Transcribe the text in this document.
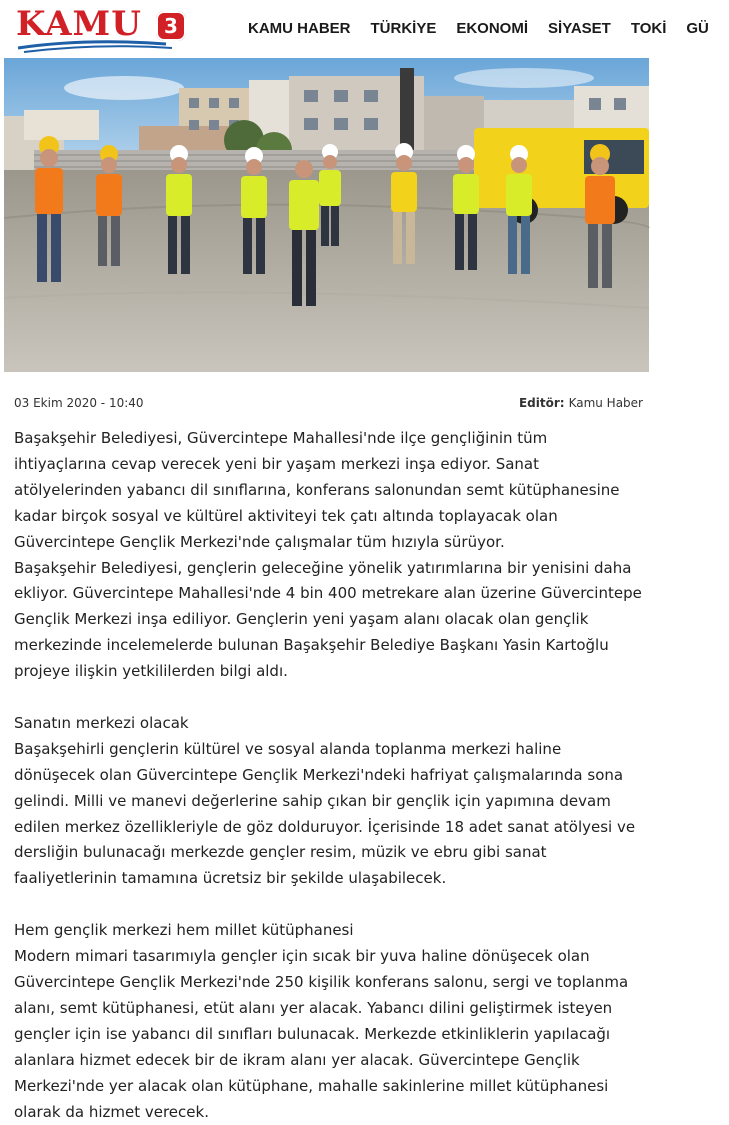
KAMU	3	KAMU HABER TÜRKİYE EKONOMİ SİYASET TOKİ GÜ
03 Ekim 2020 - 10:40	Editör: Kamu Haber

Başakşehir Belediyesi, Güvercintepe Mahallesi'nde ilçe gençliğinin tüm ihtiyaçlarına cevap verecek yeni bir yaşam merkezi inşa ediyor. Sanat atölyelerinden yabancı dil sınıflarına, konferans salonundan semt kütüphanesine kadar birçok sosyal ve kültürel aktiviteyi tek çatı altında toplayacak olan Güvercintepe Gençlik Merkezi'nde çalışmalar tüm hızıyla sürüyor.

Başakşehir Belediyesi, gençlerin geleceğine yönelik yatırımlarına bir yenisini daha ekliyor. Güvercintepe Mahallesi'nde 4 bin 400 metrekare alan üzerine Güvercintepe Gençlik Merkezi inşa ediliyor. Gençlerin yeni yaşam alanı olacak olan gençlik merkezinde incelemelerde bulunan Başakşehir Belediye Başkanı Yasin Kartoğlu projeye ilişkin yetkililerden bilgi aldı.

Sanatın merkezi olacak

Başakşehirli gençlerin kültürel ve sosyal alanda toplanma merkezi haline dönüşecek olan Güvercintepe Gençlik Merkezi'ndeki hafriyat çalışmalarında sona gelindi. Milli ve manevi değerlerine sahip çıkan bir gençlik için yapımına devam edilen merkez özellikleriyle de göz dolduruyor. İçerisinde 18 adet sanat atölyesi ve dersliğin bulunacağı merkezde gençler resim, müzik ve ebru gibi sanat faaliyetlerinin tamamına ücretsiz bir şekilde ulaşabilecek.

Hem gençlik merkezi hem millet kütüphanesi

Modern mimari tasarımıyla gençler için sıcak bir yuva haline dönüşecek olan Güvercintepe Gençlik Merkezi'nde 250 kişilik konferans salonu, sergi ve toplanma alanı, semt kütüphanesi, etüt alanı yer alacak. Yabancı dilini geliştirmek isteyen gençler için ise yabancı dil sınıfları bulunacak. Merkezde etkinliklerin yapılacağı alanlara hizmet edecek bir de ikram alanı yer alacak. Güvercintepe Gençlik Merkezi'nde yer alacak olan kütüphane, mahalle sakinlerine millet kütüphanesi olarak da hizmet verecek.
